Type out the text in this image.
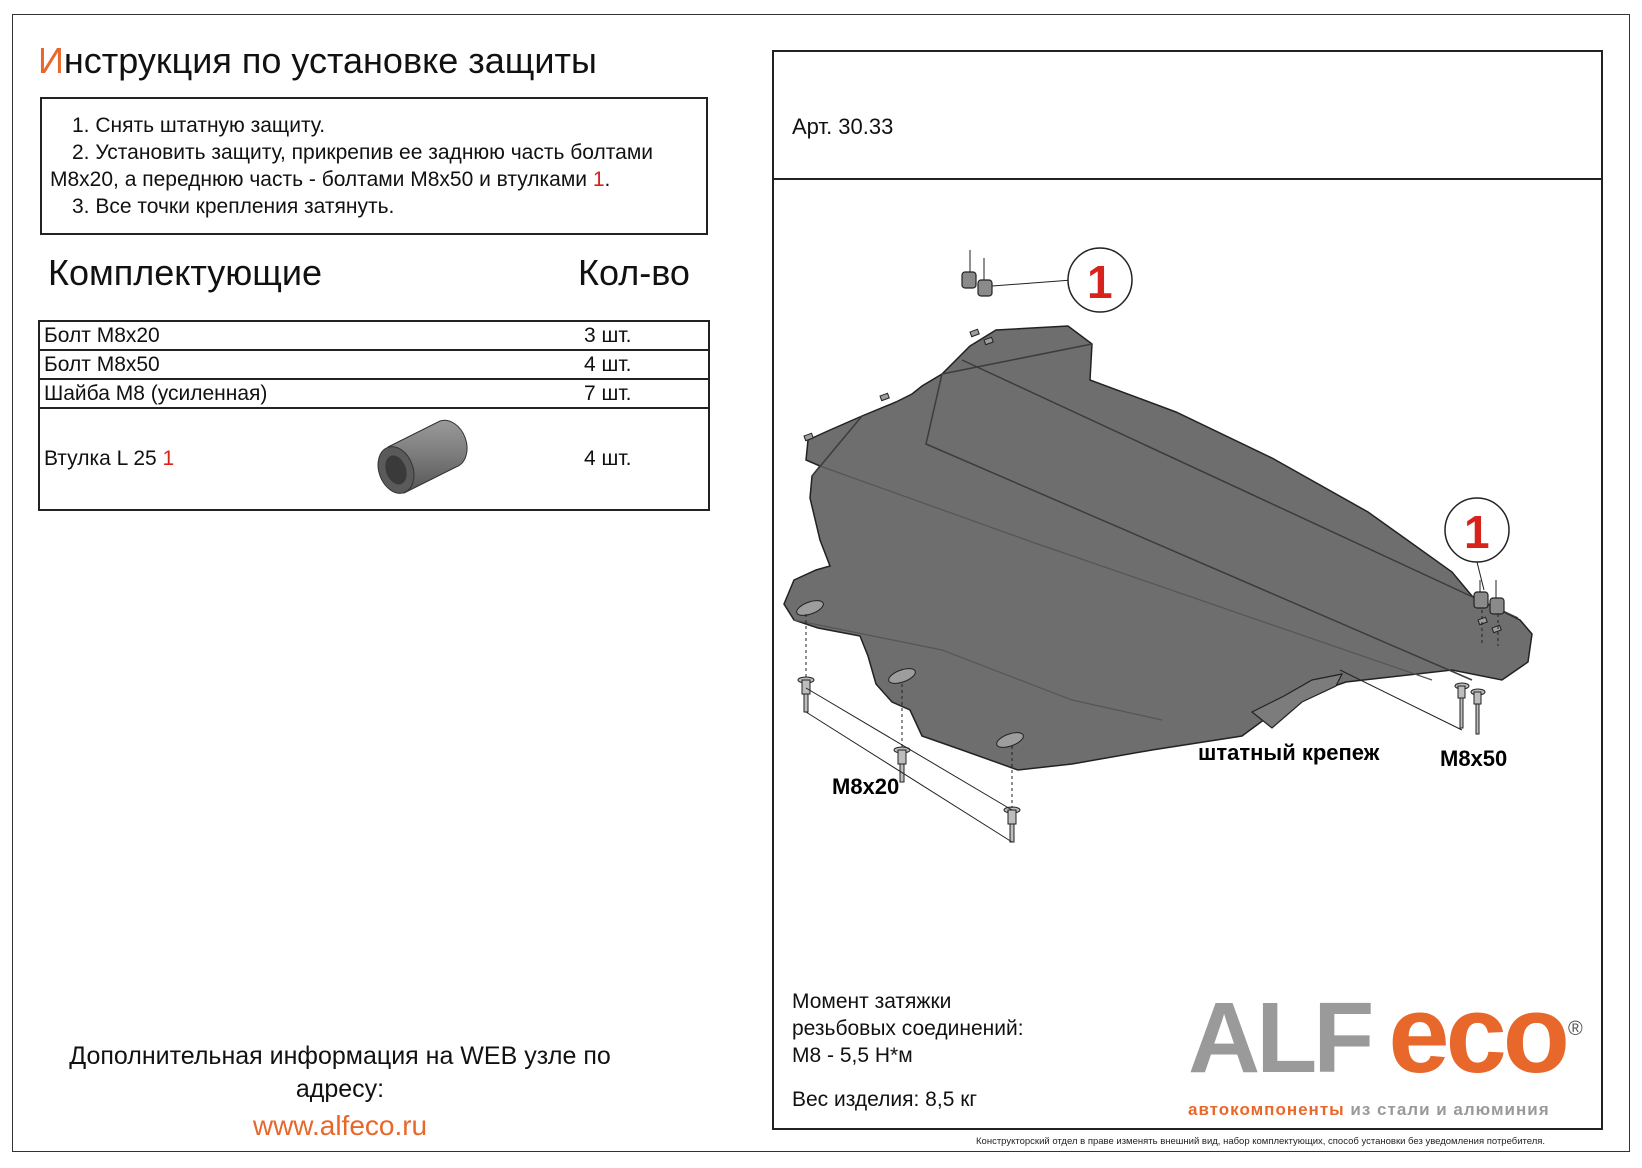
Инструкция по установке защиты
1. Снять штатную защиту.
2. Установить защиту, прикрепив ее заднюю часть болтами
М8х20, а переднюю часть - болтами М8х50 и втулками 1.
3. Все точки крепления затянуть.
Комплектующие	Кол-во
Болт М8х20	3 шт.
Болт М8х50	4 шт.
Шайба М8 (усиленная)	7 шт.
Втулка L 25 1	4 шт.
Дополнительная информация на WEB узле по
адресу:
www.alfeco.ru
Арт. 30.33
1
1
М8х20
М8х50
штатный крепеж
Момент затяжки
резьбовых соединений:
М8 - 5,5 Н*м
Вес изделия: 8,5 кг
ALF eco ®
автокомпоненты из стали и алюминия
Конструкторский отдел в праве изменять внешний вид, набор комплектующих, способ установки без уведомления потребителя.
